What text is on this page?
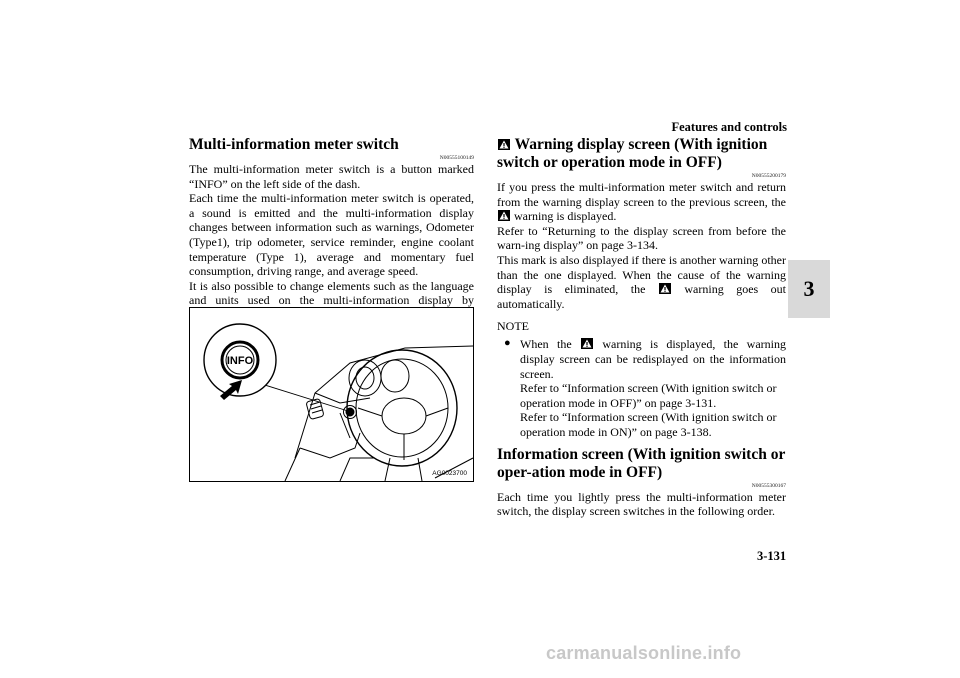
Features and controls
3
Multi-information meter switch
N00555100149

The multi-information meter switch is a button marked “INFO” on the left side of the dash.

Each time the multi-information meter switch is operated, a sound is emitted and the multi-information display changes between information such as warnings, Odometer (Type1), trip odometer, service reminder, engine coolant temperature (Type 1), average and momentary fuel consumption, driving range, and average speed.

It is also possible to change elements such as the language and units used on the multi-information display by

INFO
AG0023700
Warning display screen (With ignition switch or operation mode in OFF)
N00555200179

If you press the multi-information meter switch and return from the warning display screen to the previous screen, the  warning is displayed.

Refer to “Returning to the display screen from before the warn-ing display” on page 3-134.

This mark is also displayed if there is another warning other than the one displayed. When the cause of the warning display is eliminated, the	warning goes out automatically.

NOTE
● When the	warning is displayed, the warning display screen can be redisplayed on the information screen.

Refer to “Information screen (With ignition switch or operation mode in OFF)” on page 3-131.

Refer to “Information screen (With ignition switch or operation mode in ON)” on page 3-138.

Information screen (With ignition switch or oper-ation mode in OFF)
N00555300167

Each time you lightly press the multi-information meter switch, the display screen switches in the following order.

3-131
carmanualsonline.info
